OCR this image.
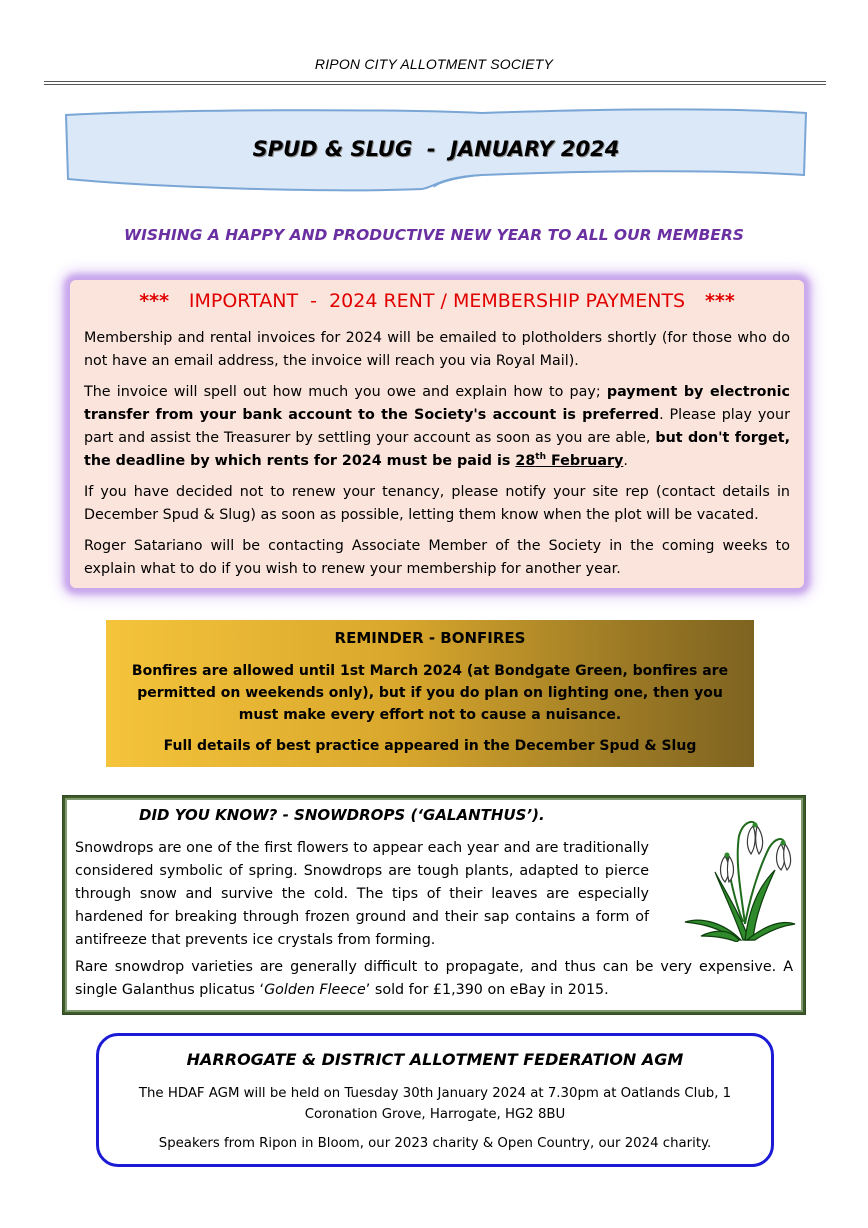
RIPON CITY ALLOTMENT SOCIETY
SPUD & SLUG  -  JANUARY 2024
WISHING A HAPPY AND PRODUCTIVE NEW YEAR TO ALL OUR MEMBERS
*** IMPORTANT  -  2024 RENT / MEMBERSHIP PAYMENTS ***

Membership and rental invoices for 2024 will be emailed to plotholders shortly (for those who do not have an email address, the invoice will reach you via Royal Mail).

The invoice will spell out how much you owe and explain how to pay; payment by electronic transfer from your bank account to the Society's account is preferred. Please play your part and assist the Treasurer by settling your account as soon as you are able, but don't forget, the deadline by which rents for 2024 must be paid is 28th February.

If you have decided not to renew your tenancy, please notify your site rep (contact details in December Spud & Slug) as soon as possible, letting them know when the plot will be vacated.

Roger Satariano will be contacting Associate Member of the Society in the coming weeks to explain what to do if you wish to renew your membership for another year.

REMINDER - BONFIRES

Bonfires are allowed until 1st March 2024 (at Bondgate Green, bonfires are permitted on weekends only), but if you do plan on lighting one, then you must make every effort not to cause a nuisance.

Full details of best practice appeared in the December Spud & Slug

DID YOU KNOW? - SNOWDROPS (‘GALANTHUS’).
Snowdrops are one of the first flowers to appear each year and are traditionally considered symbolic of spring. Snowdrops are tough plants, adapted to pierce through snow and survive the cold. The tips of their leaves are especially hardened for breaking through frozen ground and their sap contains a form of antifreeze that prevents ice crystals from forming.
Rare snowdrop varieties are generally difficult to propagate, and thus can be very expensive. A single Galanthus plicatus ‘Golden Fleece’ sold for £1,390 on eBay in 2015.
HARROGATE & DISTRICT ALLOTMENT FEDERATION AGM
The HDAF AGM will be held on Tuesday 30th January 2024 at 7.30pm at Oatlands Club, 1 Coronation Grove, Harrogate, HG2 8BU
Speakers from Ripon in Bloom, our 2023 charity & Open Country, our 2024 charity.
